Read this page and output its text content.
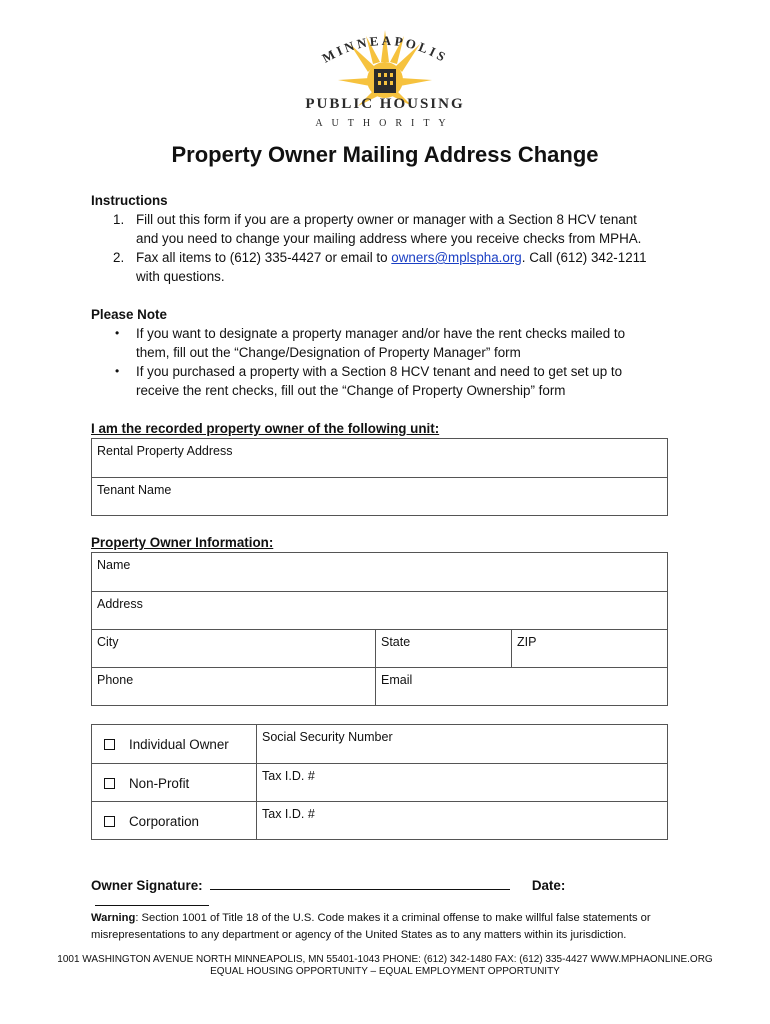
MINNEAPOLIS
PUBLIC HOUSING
AUTHORITY
Property Owner Mailing Address Change
Instructions
1. Fill out this form if you are a property owner or manager with a Section 8 HCV tenant
and you need to change your mailing address where you receive checks from MPHA.
2. Fax all items to (612) 335-4427 or email to owners@mplspha.org. Call (612) 342-1211
with questions.
Please Note
• If you want to designate a property manager and/or have the rent checks mailed to
them, fill out the “Change/Designation of Property Manager” form
• If you purchased a property with a Section 8 HCV tenant and need to get set up to
receive the rent checks, fill out the “Change of Property Ownership” form
I am the recorded property owner of the following unit:
Rental Property Address
Tenant Name
Property Owner Information:
Name
Address
City	State	ZIP
Phone	Email
Individual Owner	Social Security Number
Non-Profit	Tax I.D. #
Corporation	Tax I.D. #
Owner Signature:	Date:
Warning: Section 1001 of Title 18 of the U.S. Code makes it a criminal offense to make willful false statements or
misrepresentations to any department or agency of the United States as to any matters within its jurisdiction.
1001 WASHINGTON AVENUE NORTH MINNEAPOLIS, MN 55401-1043 PHONE: (612) 342-1480 FAX: (612) 335-4427 WWW.MPHAONLINE.ORG
EQUAL HOUSING OPPORTUNITY – EQUAL EMPLOYMENT OPPORTUNITY
